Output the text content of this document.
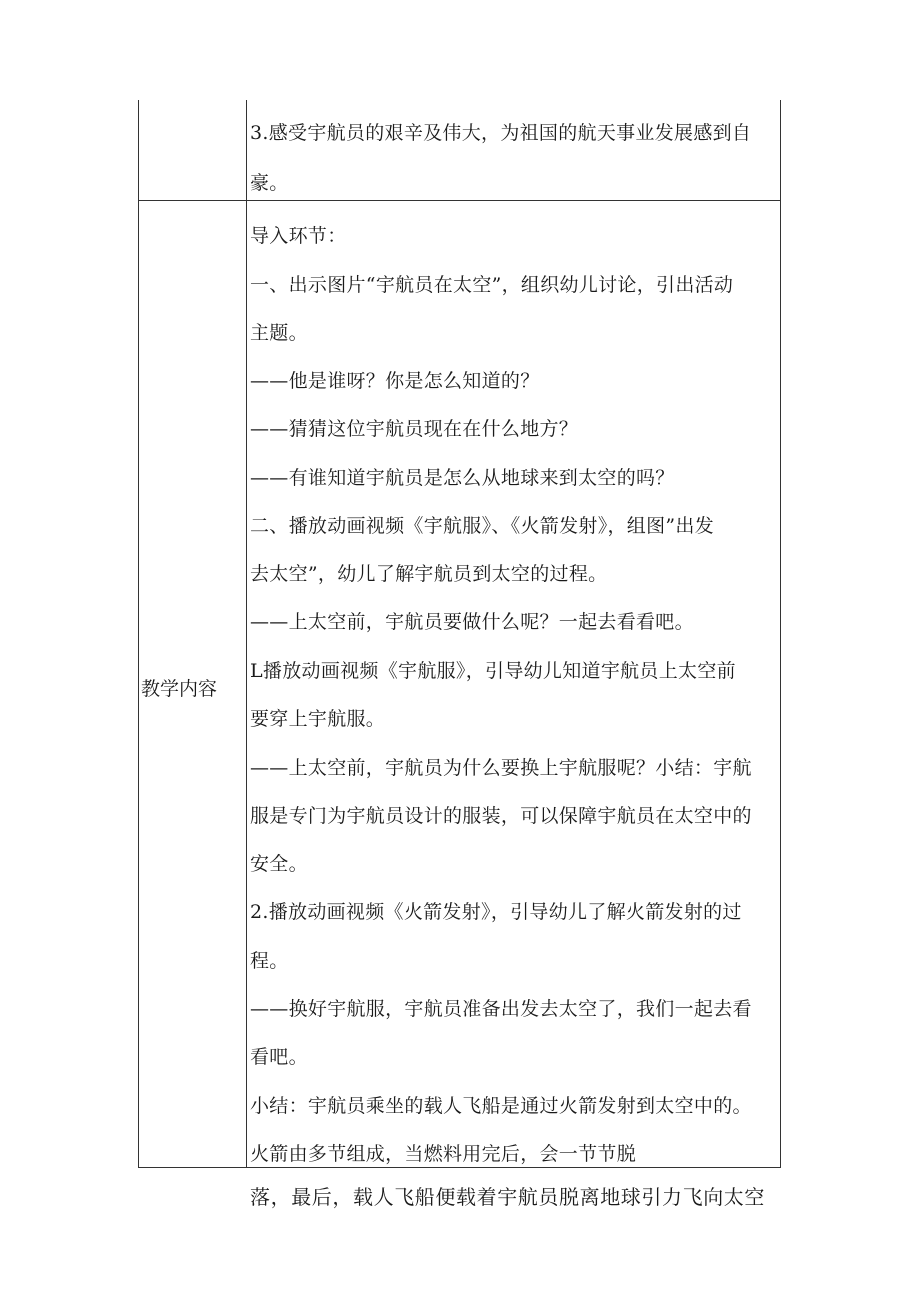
3.感受宇航员的艰辛及伟大，为祖国的航天事业发展感到自
豪。
教学内容
导入环节：
一、出示图片“宇航员在太空”，组织幼儿讨论，引出活动
主题。
——他是谁呀？你是怎么知道的？
——猜猜这位宇航员现在在什么地方？
——有谁知道宇航员是怎么从地球来到太空的吗？
二、播放动画视频《宇航服》、《火箭发射》，组图”出发
去太空”，幼儿了解宇航员到太空的过程。
——上太空前，宇航员要做什么呢？一起去看看吧。
L播放动画视频《宇航服》，引导幼儿知道宇航员上太空前
要穿上宇航服。
——上太空前，宇航员为什么要换上宇航服呢？小结：宇航
服是专门为宇航员设计的服装，可以保障宇航员在太空中的
安全。
2.播放动画视频《火箭发射》，引导幼儿了解火箭发射的过
程。
——换好宇航服，宇航员准备出发去太空了，我们一起去看
看吧。
小结：宇航员乘坐的载人飞船是通过火箭发射到太空中的。
火箭由多节组成，当燃料用完后，会一节节脱
落，最后，载人飞船便载着宇航员脱离地球引力飞向太空
